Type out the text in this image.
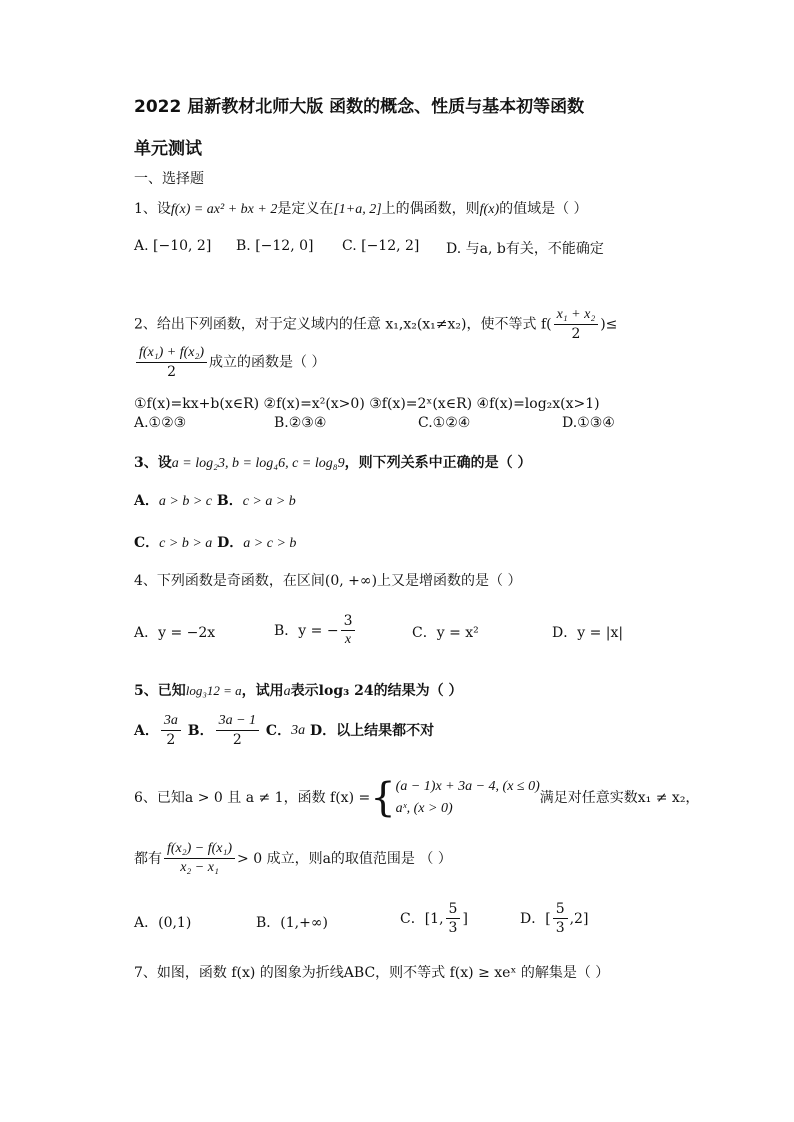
2022 届新教材北师大版 函数的概念、性质与基本初等函数
单元测试
一、选择题
1、设f(x) = ax² + bx + 2是定义在[1+a, 2]上的偶函数，则f(x)的值域是（ ）
A. [−10, 2] B. [−12, 0] C. [−12, 2] D. 与a, b有关，不能确定
2、给出下列函数，对于定义域内的任意 x₁,x₂(x₁≠x₂)，使不等式 $f( \frac{\text{x₁ + x₂}}{2}$ )≤
$\frac{\text{f(x₁) + f(x₂)}}{2}$ 成立的函数是（ ）
①f(x)=kx+b(x∈R) ②f(x)=x²(x>0) ③f(x)=2ˣ(x∈R) ④f(x)=log₂x(x>1)
A.①②③	B.②③④	C.①②④	D.①③④
3、设a = log₂3, b = log₄6, c = log₈9，则下列关系中正确的是（ ）
A．a > b > c B．c > a > b
C．c > b > a D．a > c > b
4、下列函数是奇函数，在区间(0, +∞)上又是增函数的是（ ）
A．y = −2x	B．y = − $\frac{3}{x}$	C．y = x²	D．y = |x|
5、已知log₃12 = a，试用a表示log₃ 24的结果为（ ）
A． $\frac{3a}{2}$ B． $\frac{3a - 1}{2}$ C．3a D．以上结果都不对
6、已知a > 0 且 a ≠ 1，函数 f(x) ={ (a − 1)x + 3a − 4, (x ≤ 0)
aˣ, (x > 0)
满足对任意实数x₁ ≠ x₂，
都有 $\frac{\text{f(x₂) − f(x₁)}}{\text{x₂ − x₁}} > 0$ 成立，则a的取值范围是 （ ）
A．(0,1)	B．(1,+∞)	C．[1, $\frac{5}{3}$ ]	D．[ $\frac{5}{3} ,2$]
7、如图，函数 f(x) 的图象为折线ABC，则不等式 f(x) ≥ xeˣ 的解集是（ ）
